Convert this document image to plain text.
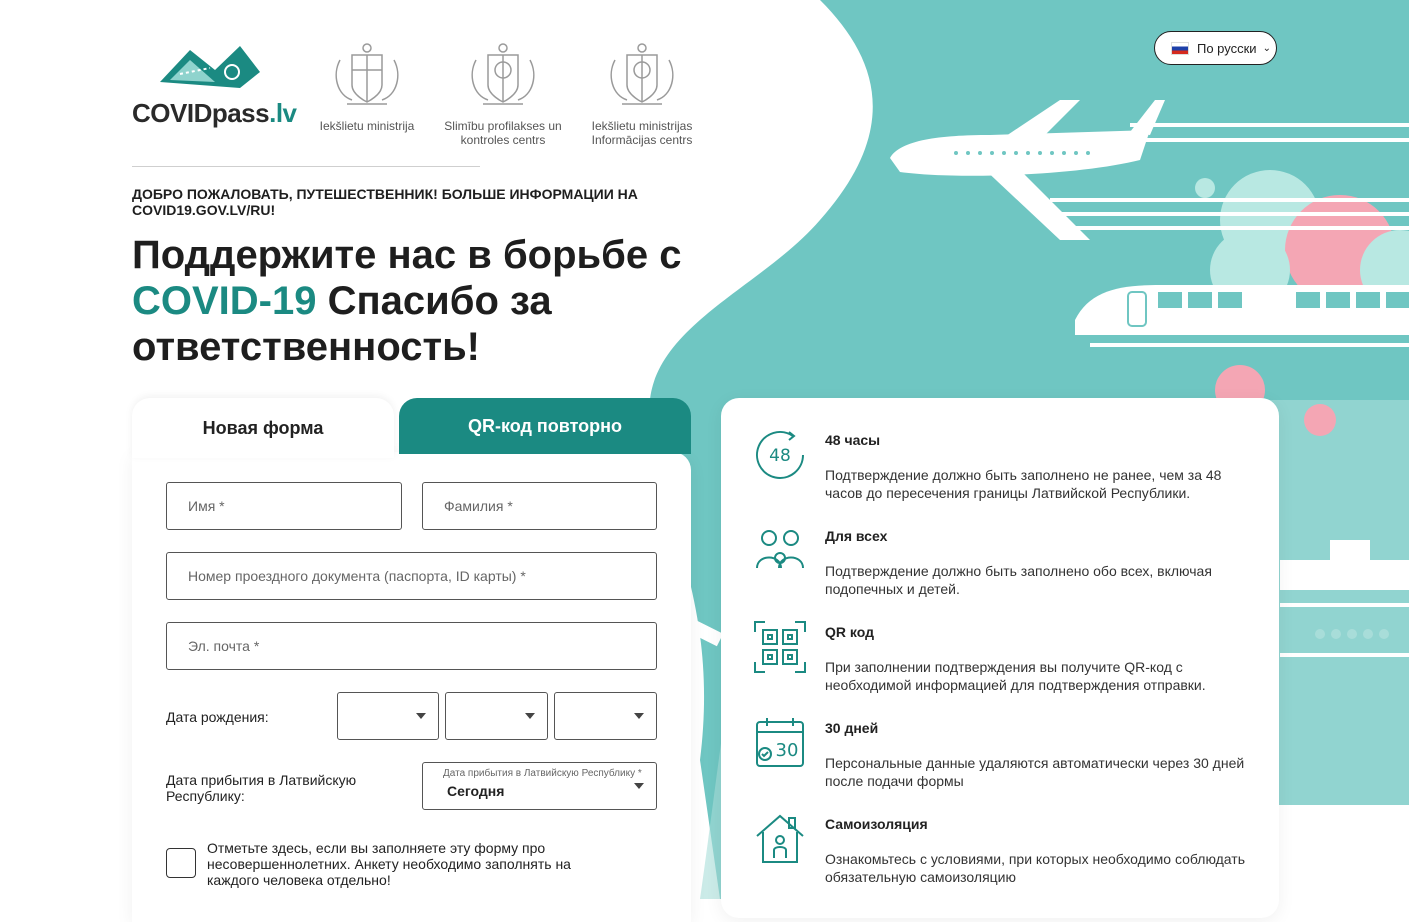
COVIDpass.lv	Iekšlietu ministrija	Slimību profilakses un kontroles centrs
Iekšlietu ministrijas Informācijas centrs
По русски ⌄
ДОБРО ПОЖАЛОВАТЬ, ПУТЕШЕСТВЕННИК! БОЛЬШЕ ИНФОРМАЦИИ НА COVID19.GOV.LV/RU!
Поддержите нас в борьбе с COVID-19 Спасибо за ответственность!
Имя *	Фамилия *
Номер проездного документа (паспорта, ID карты) *
Эл. почта *
Дата рождения:
Дата прибытия в Латвийскую Республику:
Дата прибытия в Латвийскую Республику *
Сегодня
Отметьте здесь, если вы заполняете эту форму про несовершеннолетних. Анкету необходимо заполнять на каждого человека отдельно!
Новая форма	QR-код повторно
48
48 часы
Подтверждение должно быть заполнено не ранее, чем за 48 часов до пересечения границы Латвийской Республики.
Для всех
Подтверждение должно быть заполнено обо всех, включая подопечных и детей.
QR код
При заполнении подтверждения вы получите QR-код с необходимой информацией для подтверждения отправки.
30
30 дней
Персональные данные удаляются автоматически через 30 дней после подачи формы
Самоизоляция
Ознакомьтесь с условиями, при которых необходимо соблюдать обязательную самоизоляцию
